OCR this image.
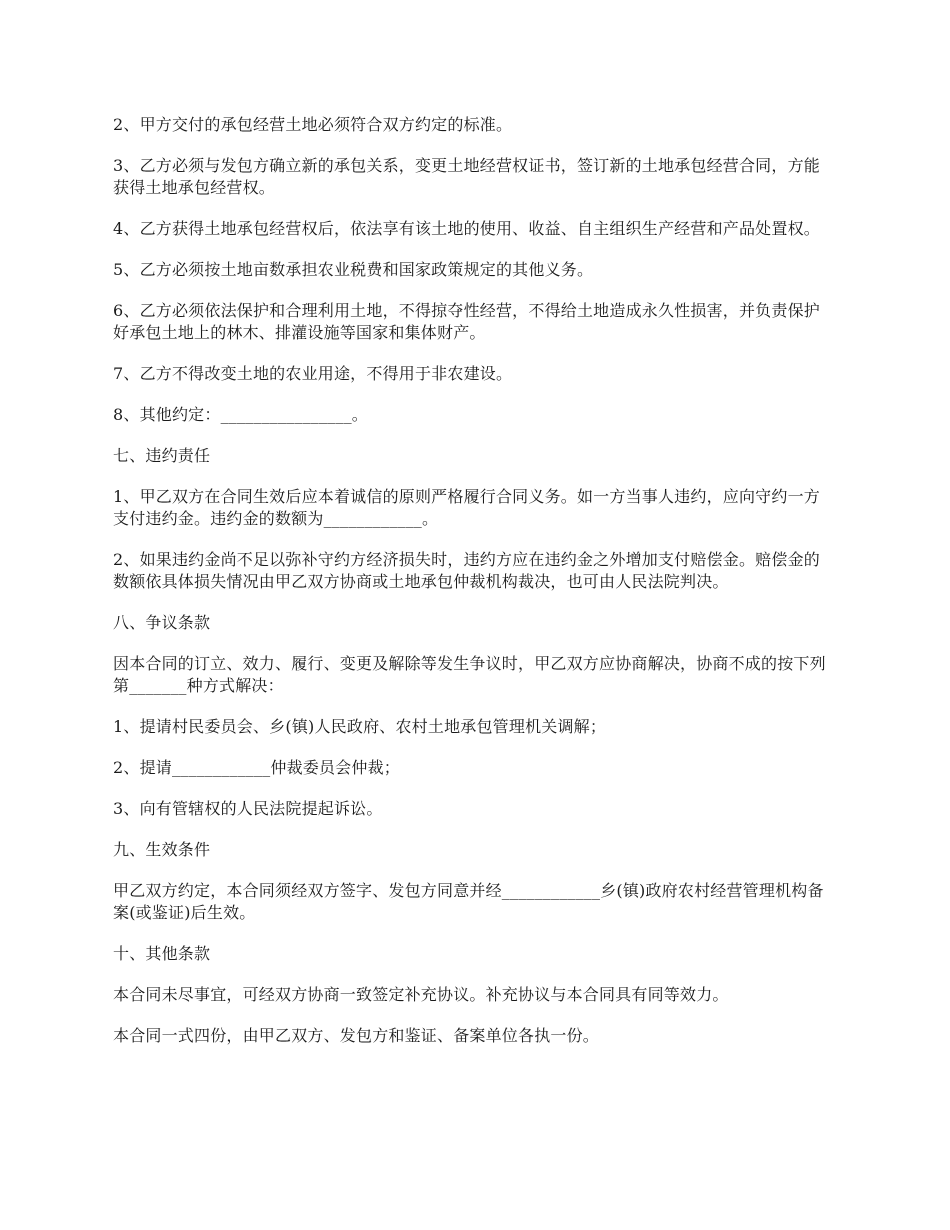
2、甲方交付的承包经营土地必须符合双方约定的标准。

3、乙方必须与发包方确立新的承包关系，变更土地经营权证书，签订新的土地承包经营合同，方能获得土地承包经营权。

4、乙方获得土地承包经营权后，依法享有该土地的使用、收益、自主组织生产经营和产品处置权。

5、乙方必须按土地亩数承担农业税费和国家政策规定的其他义务。

6、乙方必须依法保护和合理利用土地，不得掠夺性经营，不得给土地造成永久性损害，并负责保护好承包土地上的林木、排灌设施等国家和集体财产。

7、乙方不得改变土地的农业用途，不得用于非农建设。

8、其他约定：________________。

七、违约责任

1、甲乙双方在合同生效后应本着诚信的原则严格履行合同义务。如一方当事人违约，应向守约一方支付违约金。违约金的数额为____________。

2、如果违约金尚不足以弥补守约方经济损失时，违约方应在违约金之外增加支付赔偿金。赔偿金的数额依具体损失情况由甲乙双方协商或土地承包仲裁机构裁决，也可由人民法院判决。

八、争议条款

因本合同的订立、效力、履行、变更及解除等发生争议时，甲乙双方应协商解决，协商不成的按下列第_______种方式解决：

1、提请村民委员会、乡(镇)人民政府、农村土地承包管理机关调解；

2、提请____________仲裁委员会仲裁；

3、向有管辖权的人民法院提起诉讼。

九、生效条件

甲乙双方约定，本合同须经双方签字、发包方同意并经____________乡(镇)政府农村经营管理机构备案(或鉴证)后生效。

十、其他条款

本合同未尽事宜，可经双方协商一致签定补充协议。补充协议与本合同具有同等效力。

本合同一式四份，由甲乙双方、发包方和鉴证、备案单位各执一份。
